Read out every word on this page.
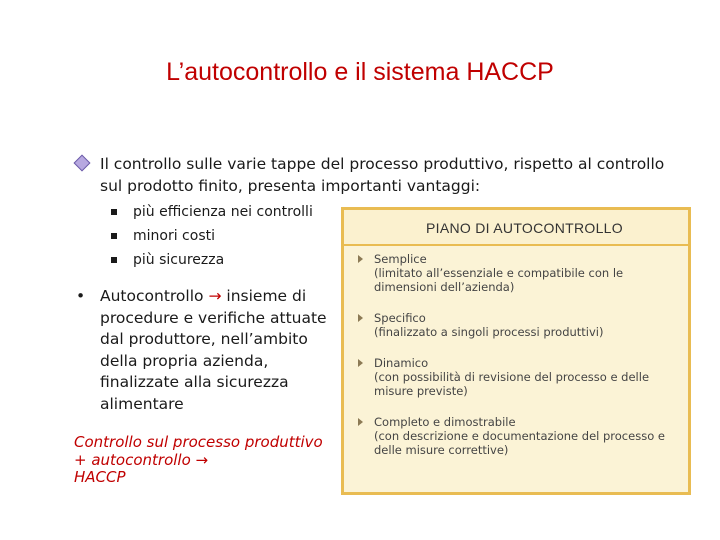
L’autocontrollo e il sistema HACCP
Il controllo sulle varie tappe del processo produttivo, rispetto al controllo sul prodotto finito, presenta importanti vantaggi:
più efficienza nei controlli
minori costi
più sicurezza
• Autocontrollo → insieme di procedure e verifiche attuate dal produttore, nell’ambito della propria azienda, finalizzate alla sicurezza alimentare
Controllo sul processo produttivo + autocontrollo →
HACCP
PIANO DI AUTOCONTROLLO
Semplice
(limitato all’essenziale e compatibile con le dimensioni dell’azienda)
Specifico
(finalizzato a singoli processi produttivi)
Dinamico
(con possibilità di revisione del processo e delle misure previste)
Completo e dimostrabile
(con descrizione e documentazione del processo e delle misure correttive)
